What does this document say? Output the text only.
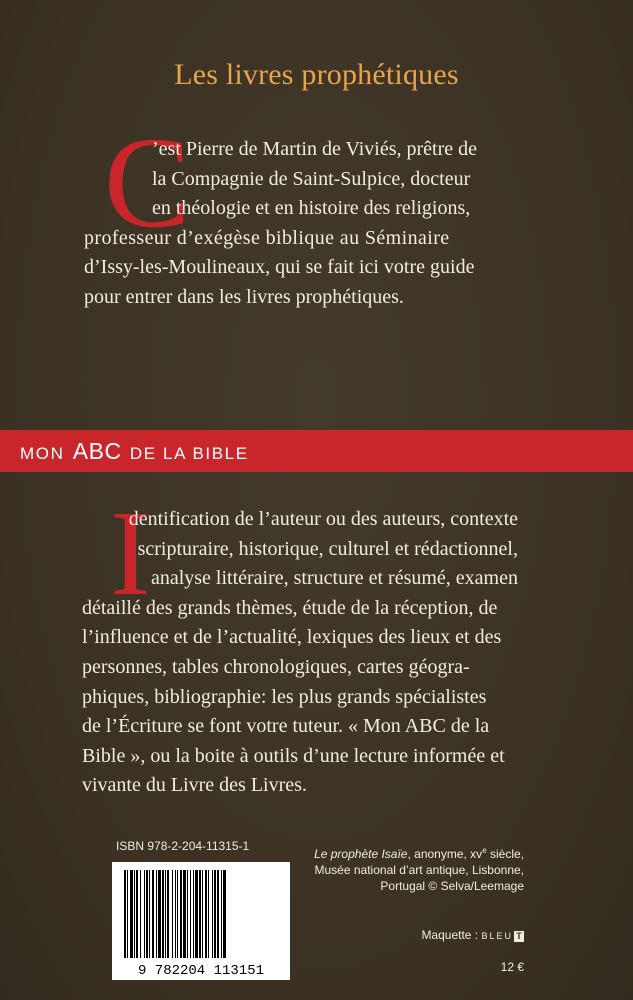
Les livres prophétiques
C
’est Pierre de Martin de Viviés, prêtre de
la Compagnie de Saint-Sulpice, docteur
en théologie et en histoire des religions,
professeur d’exégèse biblique au Séminaire
d’Issy-les-Moulineaux, qui se fait ici votre guide
pour entrer dans les livres prophétiques.
MON ABC DE LA BIBLE
I
dentification de l’auteur ou des auteurs, contexte
scripturaire, historique, culturel et rédactionnel,
analyse littéraire, structure et résumé, examen
détaillé des grands thèmes, étude de la réception, de
l’influence et de l’actualité, lexiques des lieux et des
personnes, tables chronologiques, cartes géogra-
phiques, bibliographie: les plus grands spécialistes
de l’Écriture se font votre tuteur. « Mon ABC de la
Bible », ou la boite à outils d’une lecture informée et
vivante du Livre des Livres.
ISBN 978-2-204-11315-1
9 782204 113151
Le prophète Isaïe, anonyme, $xv^e$ siècle,
Musée national d’art antique, Lisbonne,
Portugal © Selva/Leemage
Maquette : BLEU T
12 €
